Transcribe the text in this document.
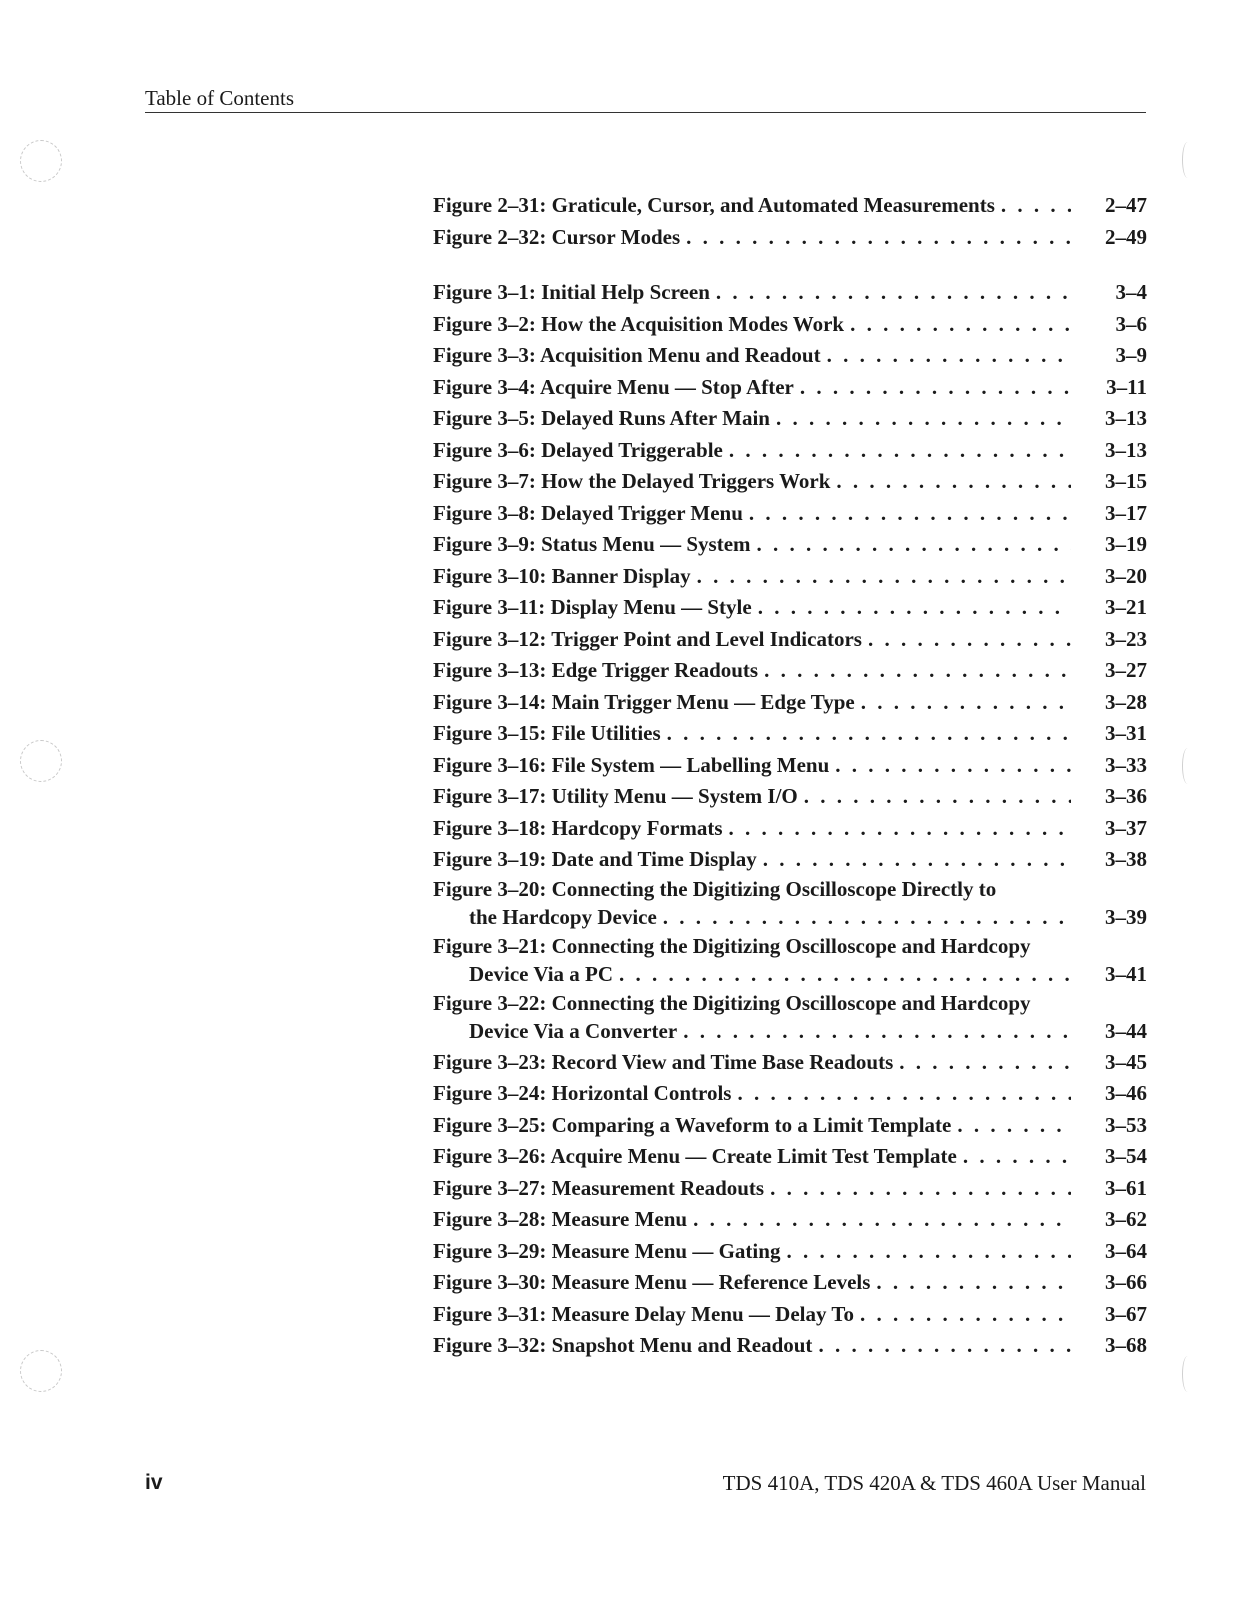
Table of Contents
Figure 2–31: Graticule, Cursor, and Automated Measurements . . .	2–47
Figure 2–32: Cursor Modes . . .	2–49
Figure 3–1: Initial Help Screen . . .	3–4
Figure 3–2: How the Acquisition Modes Work . . .	3–6
Figure 3–3: Acquisition Menu and Readout . . .	3–9
Figure 3–4: Acquire Menu — Stop After . . .	3–11
Figure 3–5: Delayed Runs After Main . . .	3–13
Figure 3–6: Delayed Triggerable . . .	3–13
Figure 3–7: How the Delayed Triggers Work . . .	3–15
Figure 3–8: Delayed Trigger Menu . . .	3–17
Figure 3–9: Status Menu — System . . .	3–19
Figure 3–10: Banner Display . . .	3–20
Figure 3–11: Display Menu — Style . . .	3–21
Figure 3–12: Trigger Point and Level Indicators . . .	3–23
Figure 3–13: Edge Trigger Readouts . . .	3–27
Figure 3–14: Main Trigger Menu — Edge Type . . .	3–28
Figure 3–15: File Utilities . . .	3–31
Figure 3–16: File System — Labelling Menu . . .	3–33
Figure 3–17: Utility Menu — System I/O . . .	3–36
Figure 3–18: Hardcopy Formats . . .	3–37
Figure 3–19: Date and Time Display . . .	3–38
Figure 3–20: Connecting the Digitizing Oscilloscope Directly to
the Hardcopy Device . . .	3–39
Figure 3–21: Connecting the Digitizing Oscilloscope and Hardcopy
Device Via a PC . . .	3–41
Figure 3–22: Connecting the Digitizing Oscilloscope and Hardcopy
Device Via a Converter . . .	3–44
Figure 3–23: Record View and Time Base Readouts . . .	3–45
Figure 3–24: Horizontal Controls . . .	3–46
Figure 3–25: Comparing a Waveform to a Limit Template . . .	3–53
Figure 3–26: Acquire Menu — Create Limit Test Template . . .	3–54
Figure 3–27: Measurement Readouts . . .	3–61
Figure 3–28: Measure Menu . . .	3–62
Figure 3–29: Measure Menu — Gating . . .	3–64
Figure 3–30: Measure Menu — Reference Levels . . .	3–66
Figure 3–31: Measure Delay Menu — Delay To . . .	3–67
Figure 3–32: Snapshot Menu and Readout . . .	3–68
iv	TDS 410A, TDS 420A & TDS 460A User Manual
